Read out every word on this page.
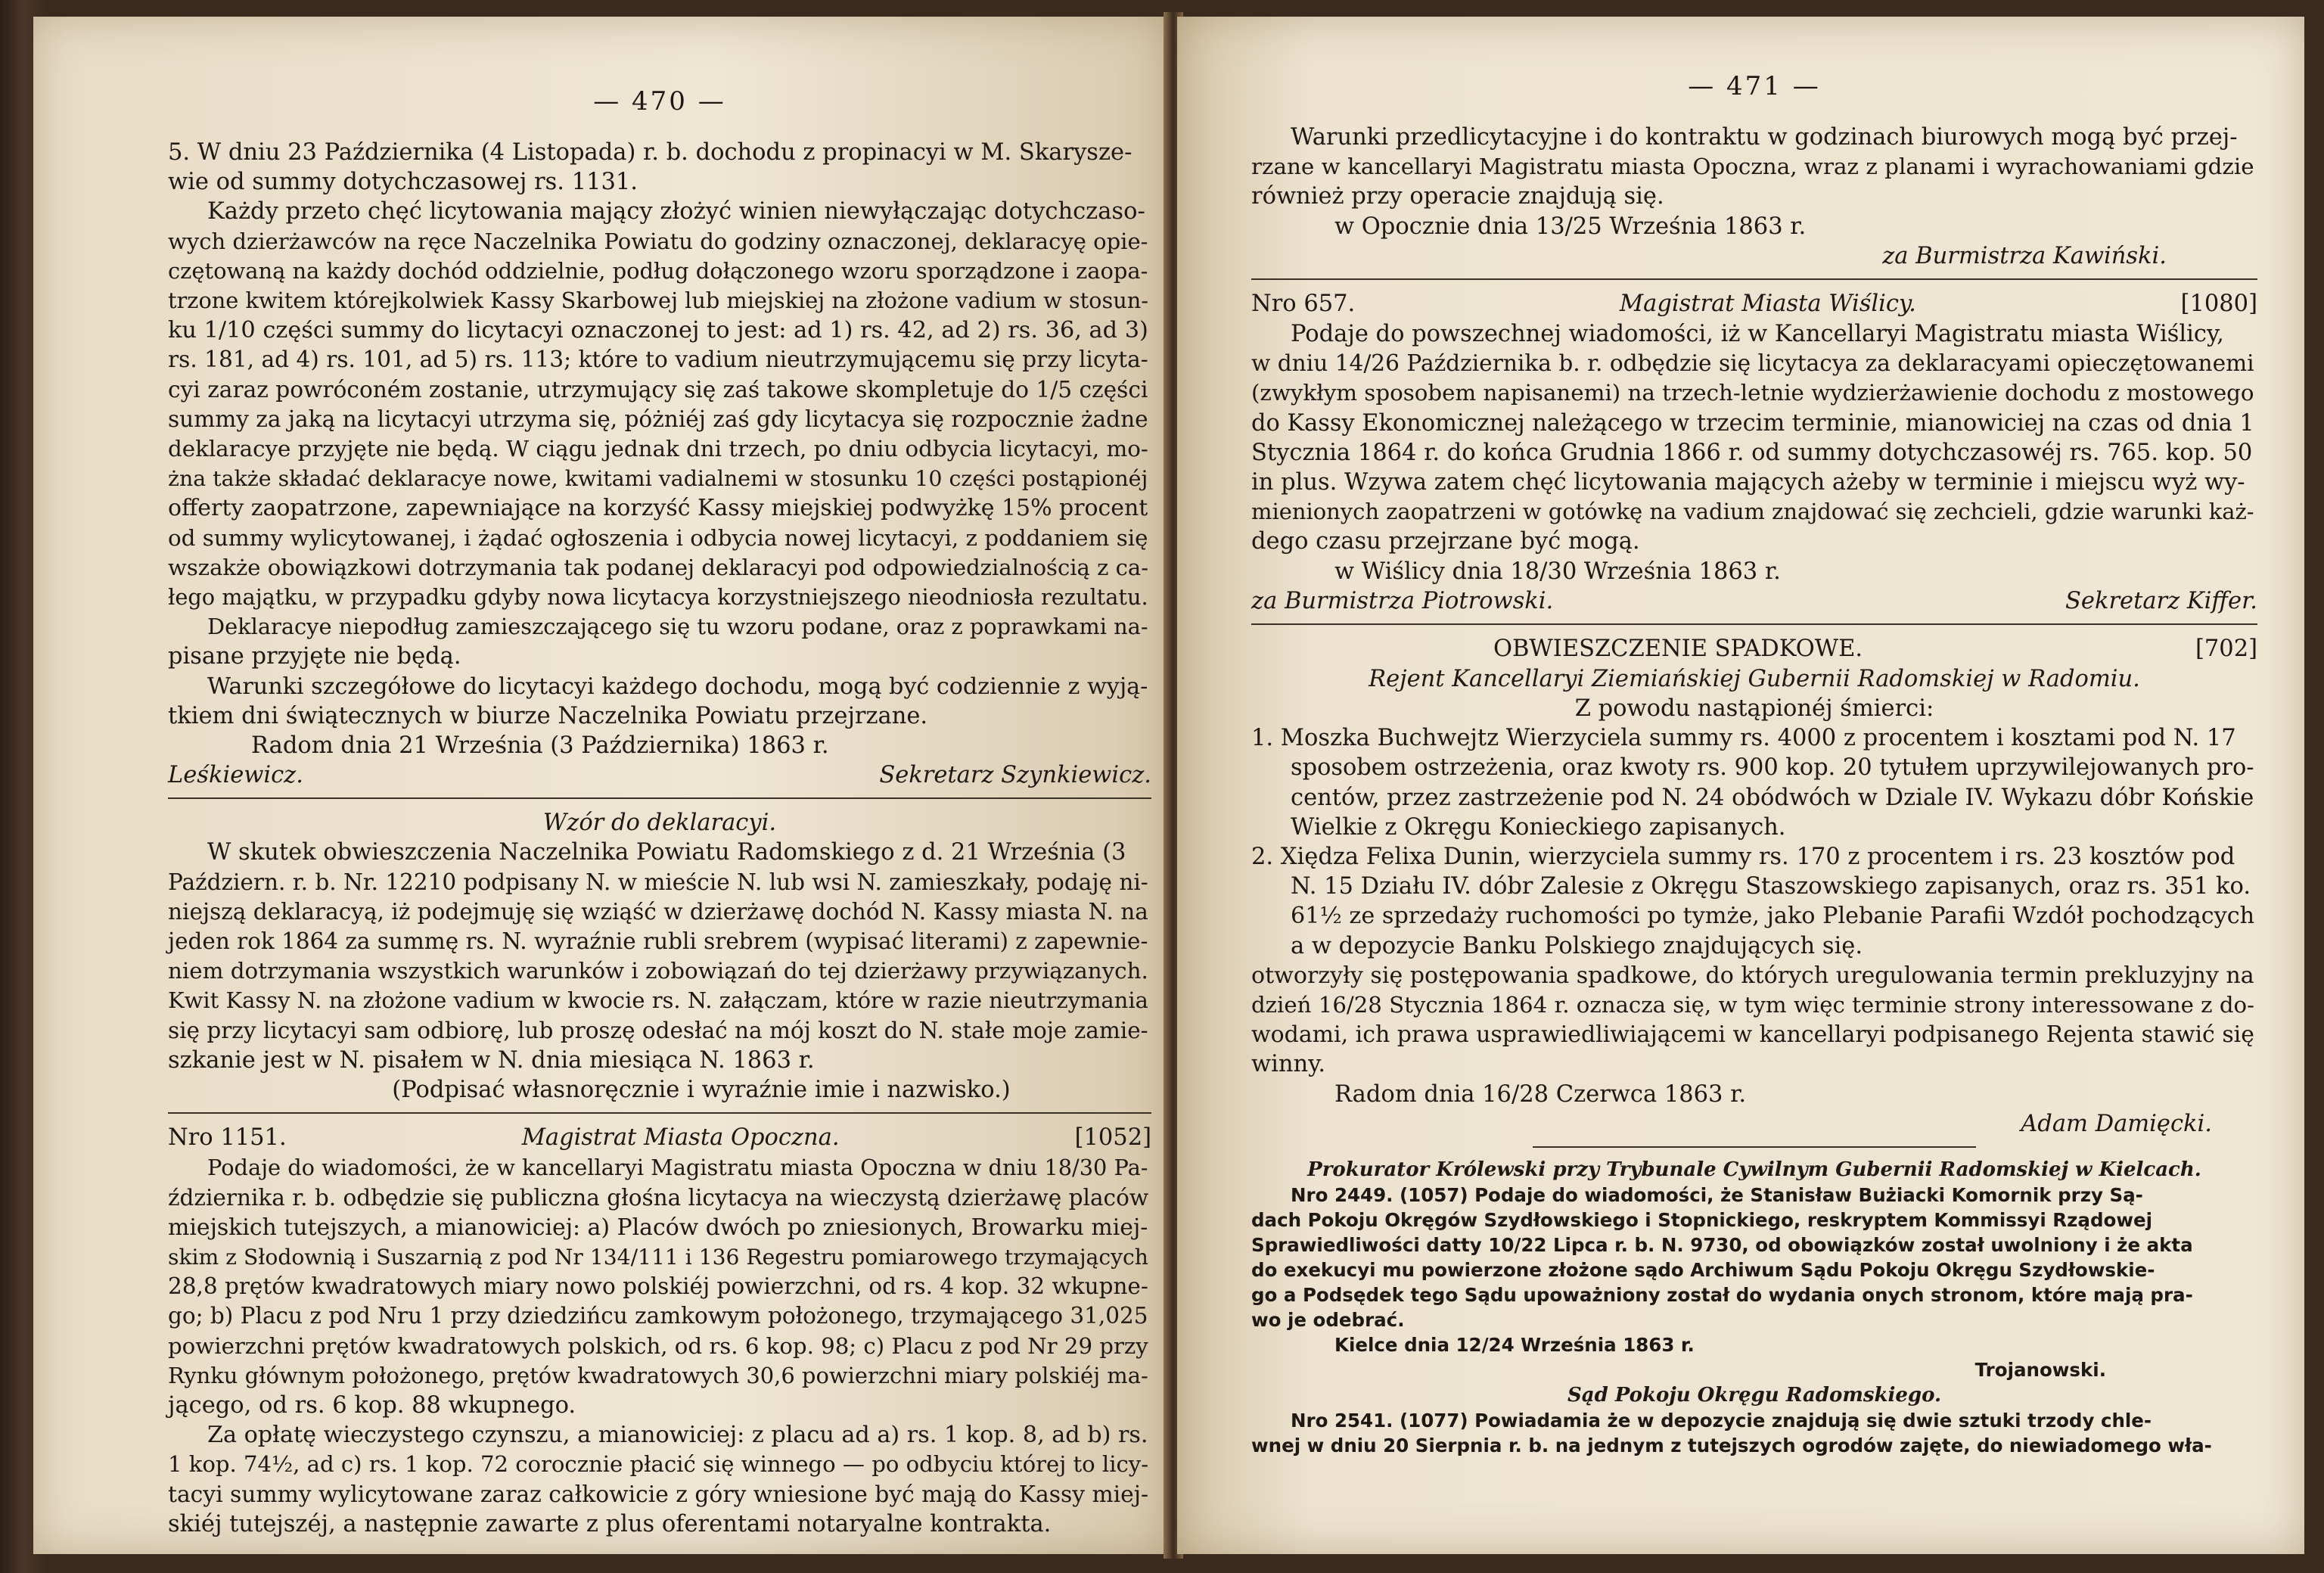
— 470 —
5. W dniu 23 Października (4 Listopada) r. b. dochodu z propinacyi w M. Skarysze-
wie od summy dotychczasowej rs. 1131.
Każdy przeto chęć licytowania mający złożyć winien niewyłączając dotychczaso-
wych dzierżawców na ręce Naczelnika Powiatu do godziny oznaczonej, deklaracyę opie-
czętowaną na każdy dochód oddzielnie, podług dołączonego wzoru sporządzone i zaopa-
trzone kwitem którejkolwiek Kassy Skarbowej lub miejskiej na złożone vadium w stosun-
ku 1/10 części summy do licytacyi oznaczonej to jest: ad 1) rs. 42, ad 2) rs. 36, ad 3)
rs. 181, ad 4) rs. 101, ad 5) rs. 113; które to vadium nieutrzymującemu się przy licyta-
cyi zaraz powróconém zostanie, utrzymujący się zaś takowe skompletuje do 1/5 części
summy za jaką na licytacyi utrzyma się, póżniéj zaś gdy licytacya się rozpocznie żadne
deklaracye przyjęte nie będą. W ciągu jednak dni trzech, po dniu odbycia licytacyi, mo-
żna także składać deklaracye nowe, kwitami vadialnemi w stosunku 10 części postąpionéj
offerty zaopatrzone, zapewniające na korzyść Kassy miejskiej podwyżkę 15% procent
od summy wylicytowanej, i żądać ogłoszenia i odbycia nowej licytacyi, z poddaniem się
wszakże obowiązkowi dotrzymania tak podanej deklaracyi pod odpowiedzialnością z ca-
łego majątku, w przypadku gdyby nowa licytacya korzystniejszego nieodniosła rezultatu.
Deklaracye niepodług zamieszczającego się tu wzoru podane, oraz z poprawkami na-
pisane przyjęte nie będą.
Warunki szczegółowe do licytacyi każdego dochodu, mogą być codziennie z wyją-
tkiem dni świątecznych w biurze Naczelnika Powiatu przejrzane.
Radom dnia 21 Września (3 Października) 1863 r.
Leśkiewicz.	Sekretarz Szynkiewicz.
Wzór do deklaracyi.
W skutek obwieszczenia Naczelnika Powiatu Radomskiego z d. 21 Września (3
Październ. r. b. Nr. 12210 podpisany N. w mieście N. lub wsi N. zamieszkały, podaję ni-
niejszą deklaracyą, iż podejmuję się wziąść w dzierżawę dochód N. Kassy miasta N. na
jeden rok 1864 za summę rs. N. wyraźnie rubli srebrem (wypisać literami) z zapewnie-
niem dotrzymania wszystkich warunków i zobowiązań do tej dzierżawy przywiązanych.
Kwit Kassy N. na złożone vadium w kwocie rs. N. załączam, które w razie nieutrzymania
się przy licytacyi sam odbiorę, lub proszę odesłać na mój koszt do N. stałe moje zamie-
szkanie jest w N. pisałem w N. dnia miesiąca N. 1863 r.
(Podpisać własnoręcznie i wyraźnie imie i nazwisko.)
Nro 1151.	Magistrat Miasta Opoczna.	[1052]
Podaje do wiadomości, że w kancellaryi Magistratu miasta Opoczna w dniu 18/30 Pa-
ździernika r. b. odbędzie się publiczna głośna licytacya na wieczystą dzierżawę placów
miejskich tutejszych, a mianowiciej: a) Placów dwóch po zniesionych, Browarku miej-
skim z Słodownią i Suszarnią z pod Nr 134/111 i 136 Regestru pomiarowego trzymających
28,8 prętów kwadratowych miary nowo polskiéj powierzchni, od rs. 4 kop. 32 wkupne-
go; b) Placu z pod Nru 1 przy dziedzińcu zamkowym położonego, trzymającego 31,025
powierzchni prętów kwadratowych polskich, od rs. 6 kop. 98; c) Placu z pod Nr 29 przy
Rynku głównym położonego, prętów kwadratowych 30,6 powierzchni miary polskiéj ma-
jącego, od rs. 6 kop. 88 wkupnego.
Za opłatę wieczystego czynszu, a mianowiciej: z placu ad a) rs. 1 kop. 8, ad b) rs.
1 kop. 74½, ad c) rs. 1 kop. 72 corocznie płacić się winnego — po odbyciu której to licy-
tacyi summy wylicytowane zaraz całkowicie z góry wniesione być mają do Kassy miej-
skiéj tutejszéj, a następnie zawarte z plus oferentami notaryalne kontrakta.
— 471 —
Warunki przedlicytacyjne i do kontraktu w godzinach biurowych mogą być przej-
rzane w kancellaryi Magistratu miasta Opoczna, wraz z planami i wyrachowaniami gdzie
również przy operacie znajdują się.
w Opocznie dnia 13/25 Września 1863 r.
za Burmistrza Kawiński.
Nro 657.	Magistrat Miasta Wiślicy.	[1080]
Podaje do powszechnej wiadomości, iż w Kancellaryi Magistratu miasta Wiślicy,
w dniu 14/26 Października b. r. odbędzie się licytacya za deklaracyami opieczętowanemi
(zwykłym sposobem napisanemi) na trzech-letnie wydzierżawienie dochodu z mostowego
do Kassy Ekonomicznej należącego w trzecim terminie, mianowiciej na czas od dnia 1
Stycznia 1864 r. do końca Grudnia 1866 r. od summy dotychczasowéj rs. 765. kop. 50
in plus. Wzywa zatem chęć licytowania mających ażeby w terminie i miejscu wyż wy-
mienionych zaopatrzeni w gotówkę na vadium znajdować się zechcieli, gdzie warunki każ-
dego czasu przejrzane być mogą.
w Wiślicy dnia 18/30 Września 1863 r.
za Burmistrza Piotrowski.	Sekretarz Kiffer.
OBWIESZCZENIE SPADKOWE.	[702]
Rejent Kancellaryi Ziemiańskiej Gubernii Radomskiej w Radomiu.
Z powodu nastąpionéj śmierci:
1. Moszka Buchwejtz Wierzyciela summy rs. 4000 z procentem i kosztami pod N. 17
sposobem ostrzeżenia, oraz kwoty rs. 900 kop. 20 tytułem uprzywilejowanych pro-
centów, przez zastrzeżenie pod N. 24 obódwóch w Dziale IV. Wykazu dóbr Końskie
Wielkie z Okręgu Konieckiego zapisanych.
2. Xiędza Felixa Dunin, wierzyciela summy rs. 170 z procentem i rs. 23 kosztów pod
N. 15 Działu IV. dóbr Zalesie z Okręgu Staszowskiego zapisanych, oraz rs. 351 ko.
61½ ze sprzedaży ruchomości po tymże, jako Plebanie Parafii Wzdół pochodzących
a w depozycie Banku Polskiego znajdujących się.
otworzyły się postępowania spadkowe, do których uregulowania termin prekluzyjny na
dzień 16/28 Stycznia 1864 r. oznacza się, w tym więc terminie strony interessowane z do-
wodami, ich prawa usprawiedliwiającemi w kancellaryi podpisanego Rejenta stawić się
winny.
Radom dnia 16/28 Czerwca 1863 r.
Adam Damięcki.
Prokurator Królewski przy Trybunale Cywilnym Gubernii Radomskiej w Kielcach.
Nro 2449. (1057) Podaje do wiadomości, że Stanisław Bużiacki Komornik przy Są-
dach Pokoju Okręgów Szydłowskiego i Stopnickiego, reskryptem Kommissyi Rządowej
Sprawiedliwości datty 10/22 Lipca r. b. N. 9730, od obowiązków został uwolniony i że akta
do exekucyi mu powierzone złożone sądo Archiwum Sądu Pokoju Okręgu Szydłowskie-
go a Podsędek tego Sądu upoważniony został do wydania onych stronom, które mają pra-
wo je odebrać.
Kielce dnia 12/24 Września 1863 r.
Trojanowski.
Sąd Pokoju Okręgu Radomskiego.
Nro 2541. (1077) Powiadamia że w depozycie znajdują się dwie sztuki trzody chle-
wnej w dniu 20 Sierpnia r. b. na jednym z tutejszych ogrodów zajęte, do niewiadomego wła-
